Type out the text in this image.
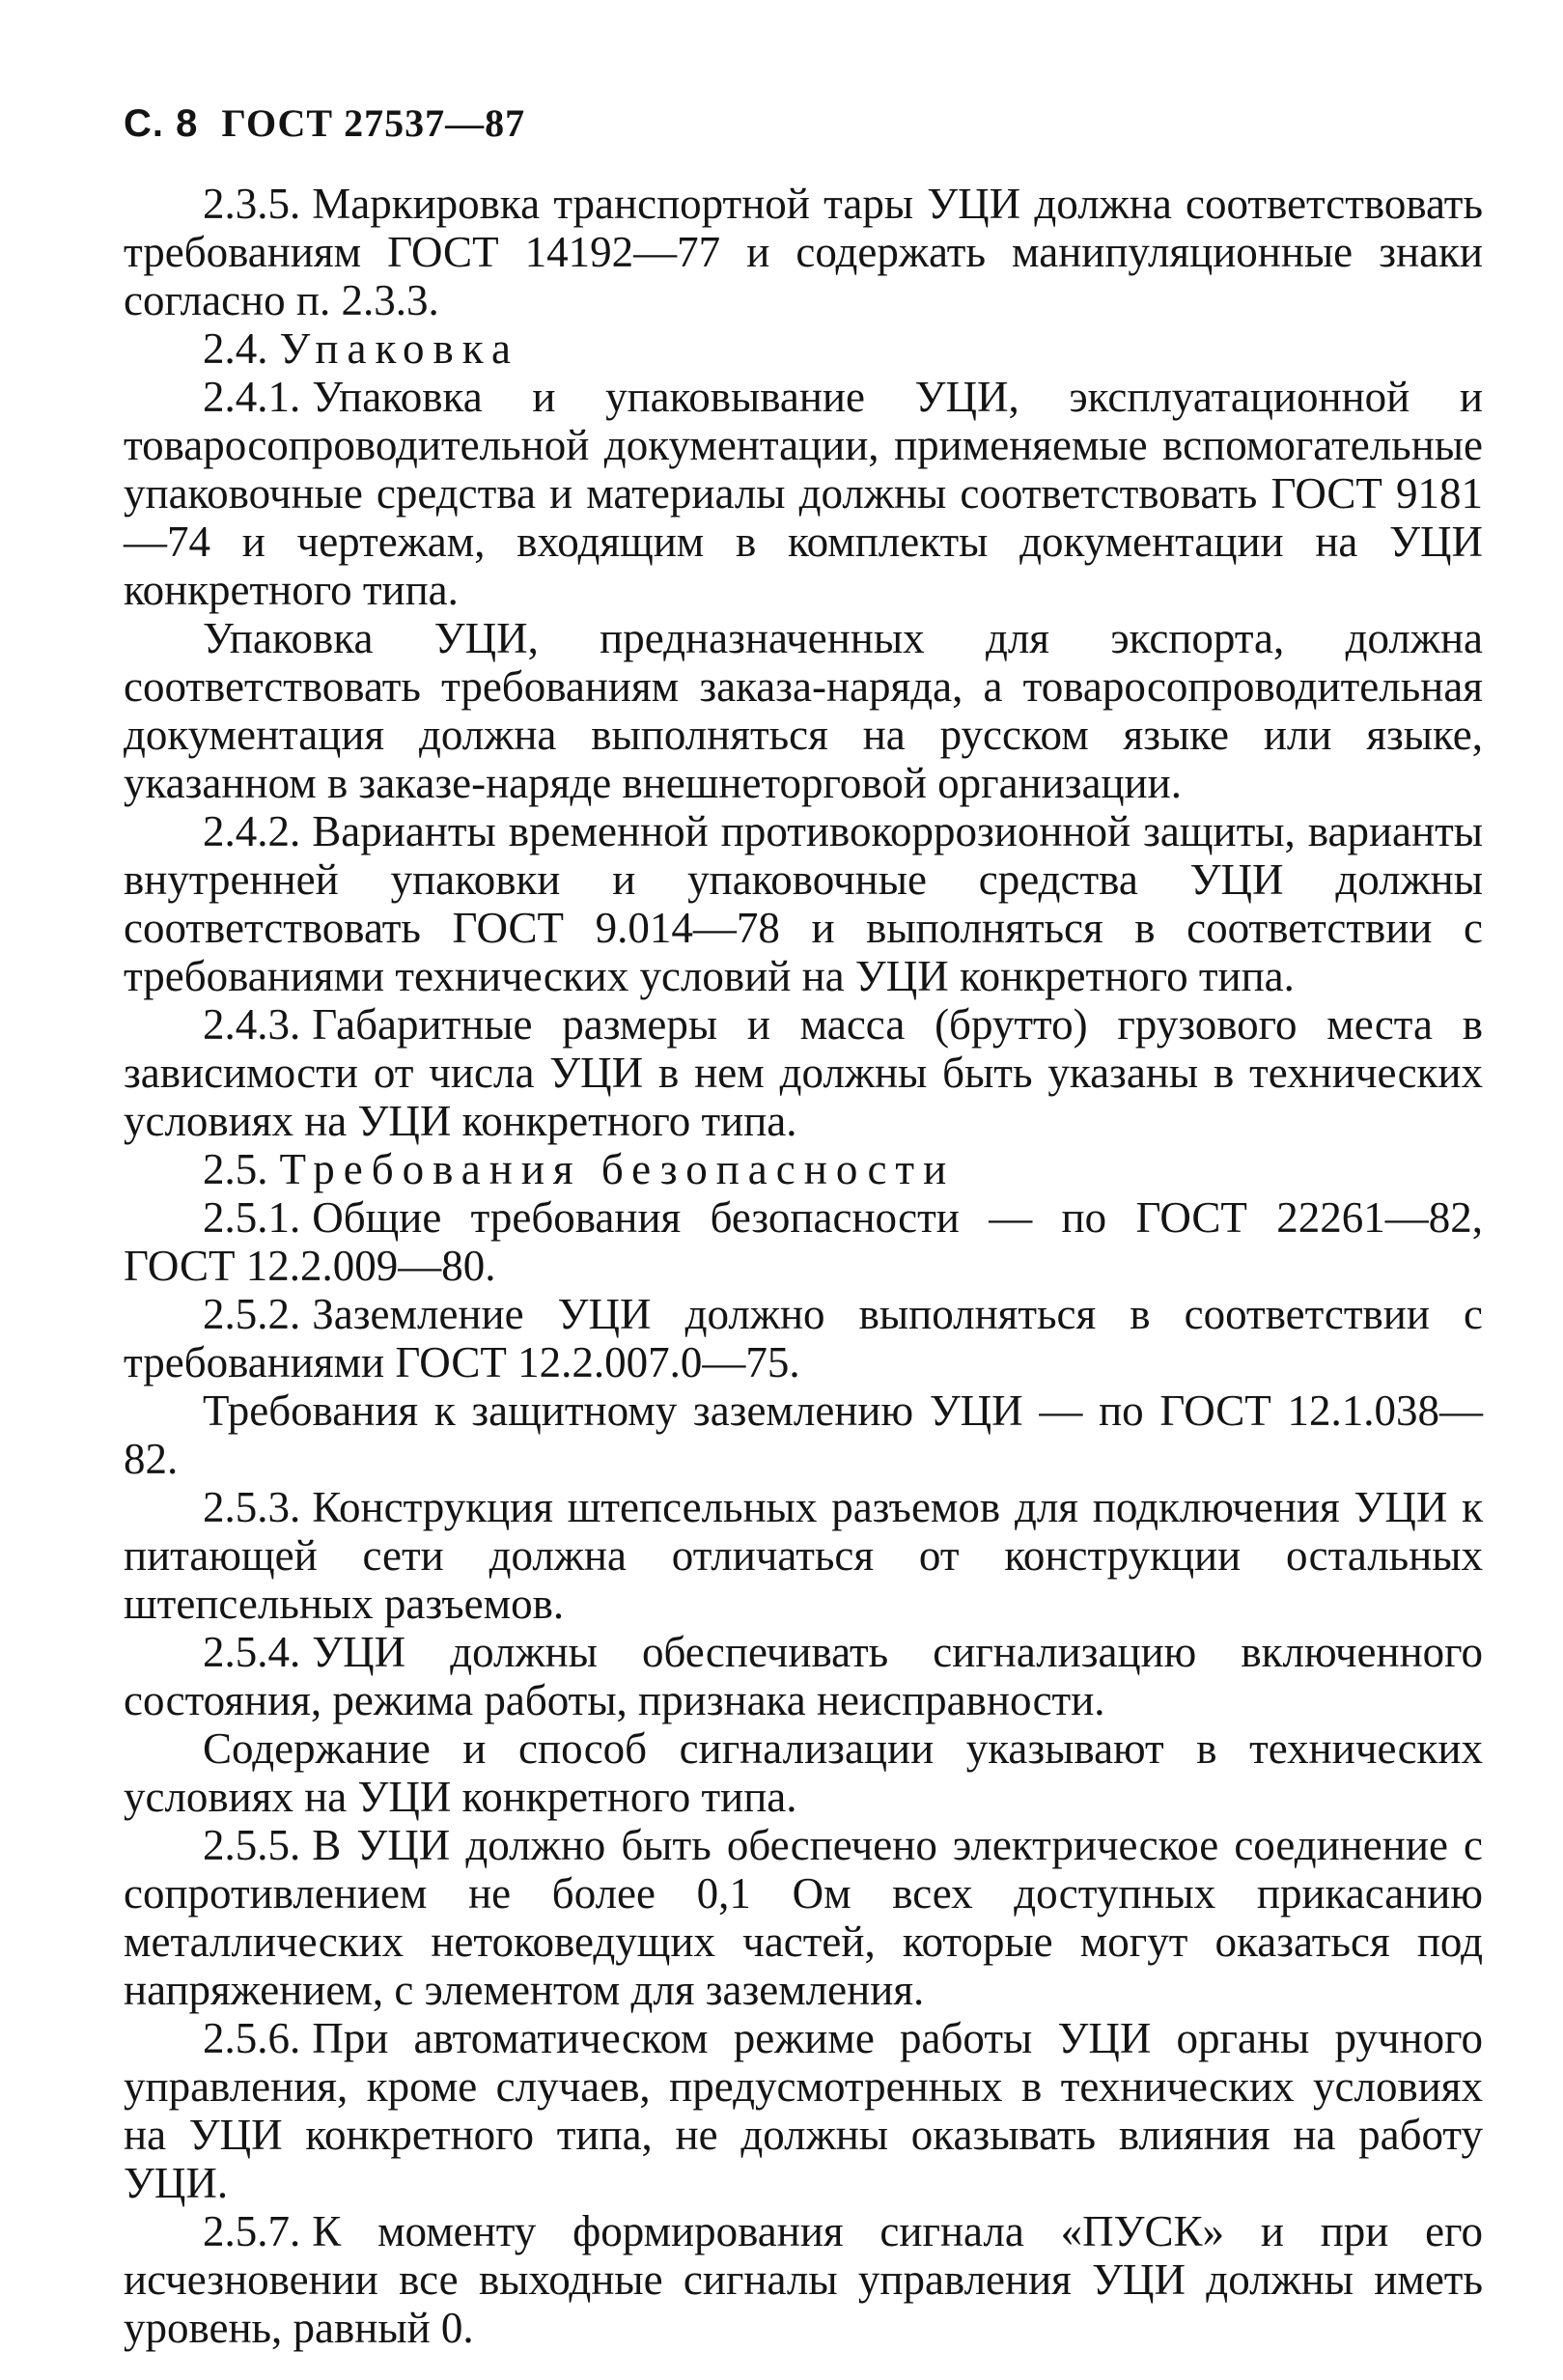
С. 8 ГОСТ 27537—87

2.3.5. Маркировка транспортной тары УЦИ должна соответствовать требованиям ГОСТ 14192—77 и содержать манипуляционные знаки согласно п. 2.3.3.

2.4. Упаковка

2.4.1. Упаковка и упаковывание УЦИ, эксплуатационной и товаросопроводительной документации, применяемые вспомогательные упаковочные средства и материалы должны соответствовать ГОСТ 9181—74 и чертежам, входящим в комплекты документации на УЦИ конкретного типа.

Упаковка УЦИ, предназначенных для экспорта, должна соответствовать требованиям заказа-наряда, а товаросопроводительная документация должна выполняться на русском языке или языке, указанном в заказе-наряде внешнеторговой организации.

2.4.2. Варианты временной противокоррозионной защиты, варианты внутренней упаковки и упаковочные средства УЦИ должны соответствовать ГОСТ 9.014—78 и выполняться в соответствии с требованиями технических условий на УЦИ конкретного типа.

2.4.3. Габаритные размеры и масса (брутто) грузового места в зависимости от числа УЦИ в нем должны быть указаны в технических условиях на УЦИ конкретного типа.

2.5. Требования безопасности

2.5.1. Общие требования безопасности — по ГОСТ 22261—82, ГОСТ 12.2.009—80.

2.5.2. Заземление УЦИ должно выполняться в соответствии с требованиями ГОСТ 12.2.007.0—75.

Требования к защитному заземлению УЦИ — по ГОСТ 12.1.038—82.

2.5.3. Конструкция штепсельных разъемов для подключения УЦИ к питающей сети должна отличаться от конструкции остальных штепсельных разъемов.

2.5.4. УЦИ должны обеспечивать сигнализацию включенного состояния, режима работы, признака неисправности.

Содержание и способ сигнализации указывают в технических условиях на УЦИ конкретного типа.

2.5.5. В УЦИ должно быть обеспечено электрическое соединение с сопротивлением не более 0,1 Ом всех доступных прикасанию металлических нетоковедущих частей, которые могут оказаться под напряжением, с элементом для заземления.

2.5.6. При автоматическом режиме работы УЦИ органы ручного управления, кроме случаев, предусмотренных в технических условиях на УЦИ конкретного типа, не должны оказывать влияния на работу УЦИ.

2.5.7. К моменту формирования сигнала «ПУСК» и при его исчезновении все выходные сигналы управления УЦИ должны иметь уровень, равный 0.
